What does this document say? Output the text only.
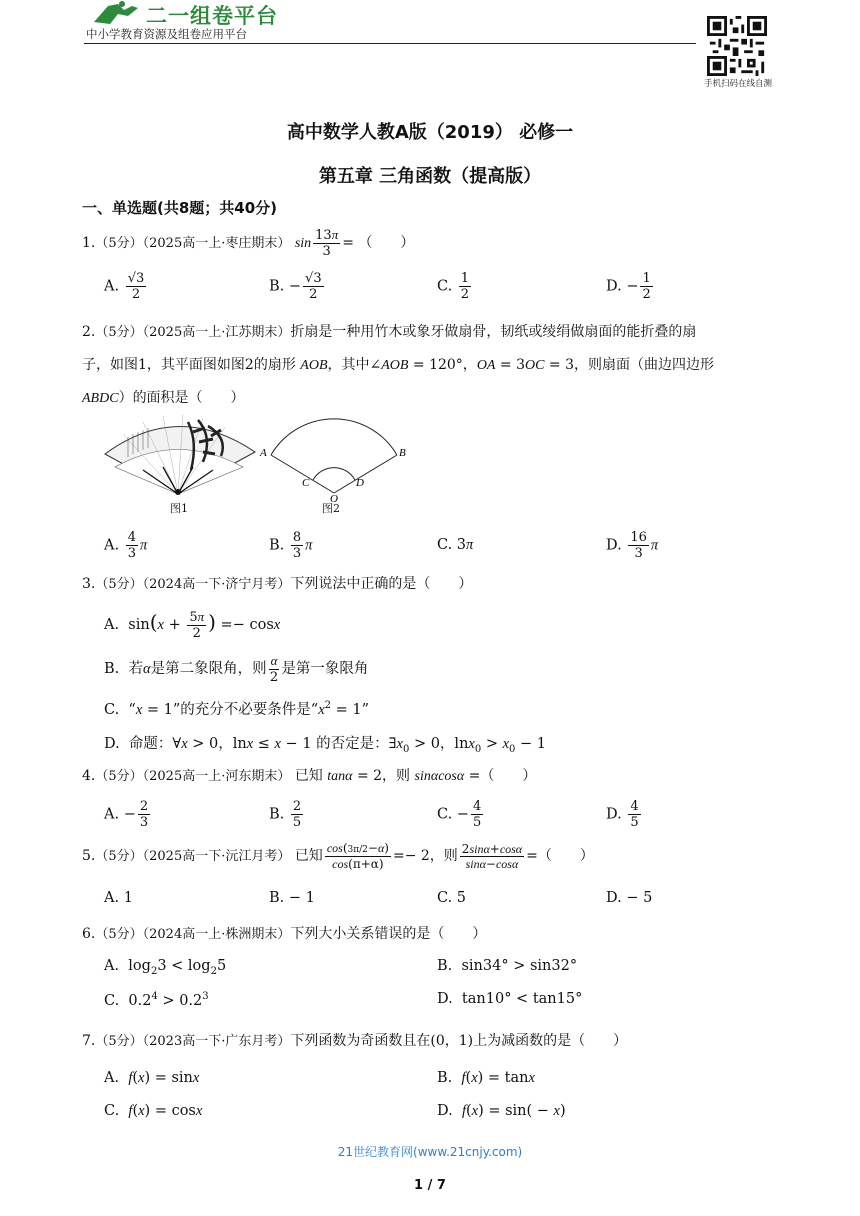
二一组卷平台
中小学教育资源及组卷应用平台
手机扫码在线自测
高中数学人教A版（2019） 必修一
第五章 三角函数（提高版）
一、单选题(共8题；共40分)
1.（5分）（2025高一上·枣庄期末） $\sin \frac{13\pi}{3}$ = （　　）
A. $\frac{√3}{2}$	B. − $\frac{√3}{2}$	C. $\frac{1}{2}$	D. − $\frac{1}{2}$
2.（5分）（2025高一上·江苏期末）折扇是一种用竹木或象牙做扇骨，韧纸或绫绢做扇面的能折叠的扇
子，如图1，其平面图如图2的扇形 AOB，其中∠AOB = 120°，OA = 3OC = 3，则扇面（曲边四边形
ABDC）的面积是（　　）
图1
A	B
C	D
O
图2
A. $\frac{4}{3}$ π	B. $\frac{8}{3}$ π	C. 3π	D. $\frac{16}{3}$ π
3.（5分）（2024高一下·济宁月考）下列说法中正确的是（　　）
A.  $\sin(x + \frac{5\pi}{2}$ ) =− cosx
B.  若α是第二象限角，则 $\frac{\alpha}{2}$ 是第一象限角
C.  “x = 1”的充分不必要条件是“$x^2 = 1$”
D.  命题：∀x > 0，lnx ≤ x − 1 的否定是：$\exists x_0 > 0$，$\ln x_0 > x_0 - 1$
4.（5分）（2025高一上·河东期末） 已知 tanα = 2，则 sinαcosα =（　　）
A. − $\frac{2}{3}$	B. $\frac{2}{5}$	C. − $\frac{4}{5}$	D. $\frac{4}{5}$
5.（5分）（2025高一下·沅江月考） 已知 $\frac{\cos(3\pi/2-\alpha)}{\cos(\pi+\alpha)} =- 2$，则 $\frac{2\sin\alpha+\cos\alpha}{\sin\alpha-\cos\alpha}$ =（　　）
A. 1	B. − 1	C. 5	D. − 5
6.（5分）（2024高一上·株洲期末）下列大小关系错误的是（　　）
A.  $\log_23 < \log_25$	B.  sin34° > sin32°
C.  $0.2^4 > 0.2^3$	D.  tan10° < tan15°
7.（5分）（2023高一下·广东月考）下列函数为奇函数且在(0，1)上为减函数的是（　　）
A.  f(x) = sinx	B.  f(x) = tanx
C.  f(x) = cosx	D.  f(x) = sin( − x)
21世纪教育网(www.21cnjy.com)
1 / 7
